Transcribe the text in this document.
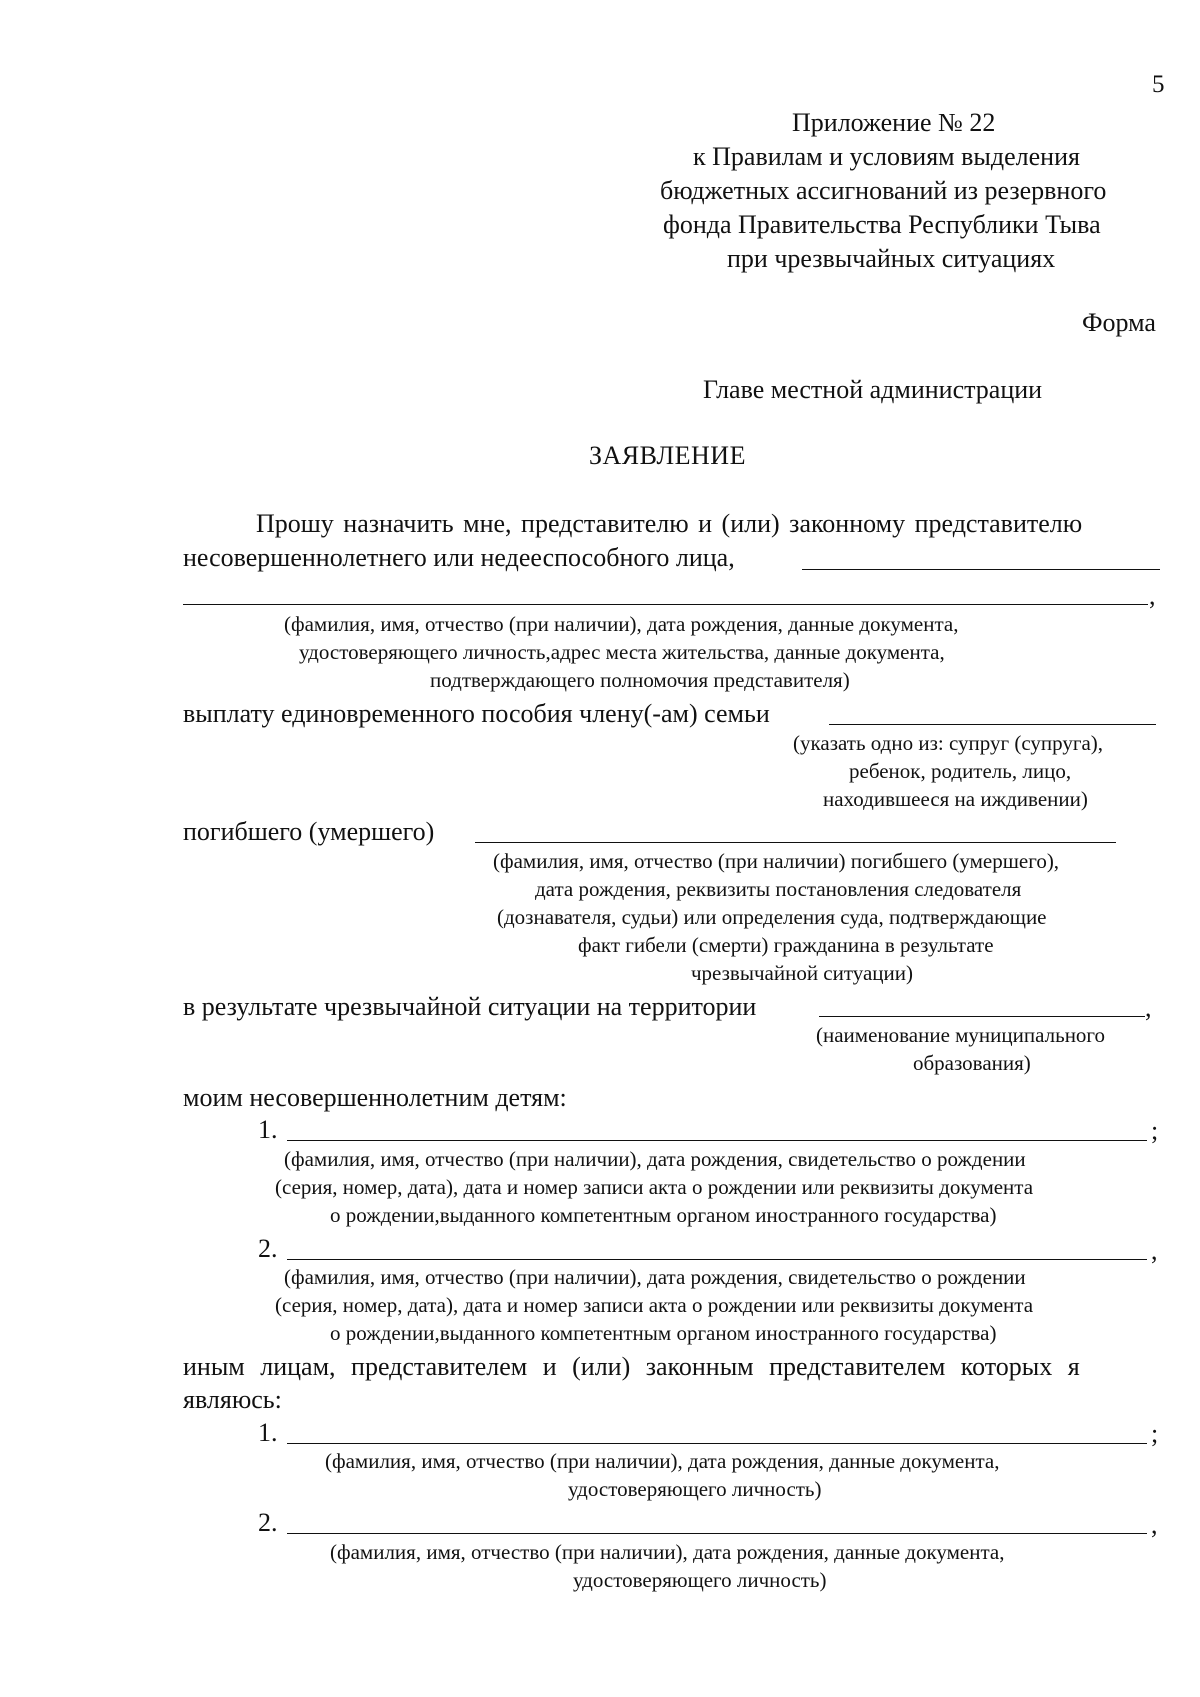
5
Приложение № 22
к Правилам и условиям выделения
бюджетных ассигнований из резервного
фонда Правительства Республики Тыва
при чрезвычайных ситуациях
Форма
Главе местной администрации
ЗАЯВЛЕНИЕ
Прошу назначить мне, представителю и (или) законному представителю
несовершеннолетнего или недееспособного лица,
,
(фамилия, имя, отчество (при наличии), дата рождения, данные документа,
удостоверяющего личность,адрес места жительства, данные документа,
подтверждающего полномочия представителя)
выплату единовременного пособия члену(-ам) семьи
(указать одно из: супруг (супруга),
ребенок, родитель, лицо,
находившееся на иждивении)
погибшего (умершего)
(фамилия, имя, отчество (при наличии) погибшего (умершего),
дата рождения, реквизиты постановления следователя
(дознавателя, судьи) или определения суда, подтверждающие
факт гибели (смерти) гражданина в результате
чрезвычайной ситуации)
в результате чрезвычайной ситуации на территории	,
(наименование муниципального
образования)
моим несовершеннолетним детям:
1.	;
(фамилия, имя, отчество (при наличии), дата рождения, свидетельство о рождении
(серия, номер, дата), дата и номер записи акта о рождении или реквизиты документа
о рождении,выданного компетентным органом иностранного государства)
2.	,
(фамилия, имя, отчество (при наличии), дата рождения, свидетельство о рождении
(серия, номер, дата), дата и номер записи акта о рождении или реквизиты документа
о рождении,выданного компетентным органом иностранного государства)
иным лицам, представителем и (или) законным представителем которых я
являюсь:
1.	;
(фамилия, имя, отчество (при наличии), дата рождения, данные документа,
удостоверяющего личность)
2.	,
(фамилия, имя, отчество (при наличии), дата рождения, данные документа,
удостоверяющего личность)
